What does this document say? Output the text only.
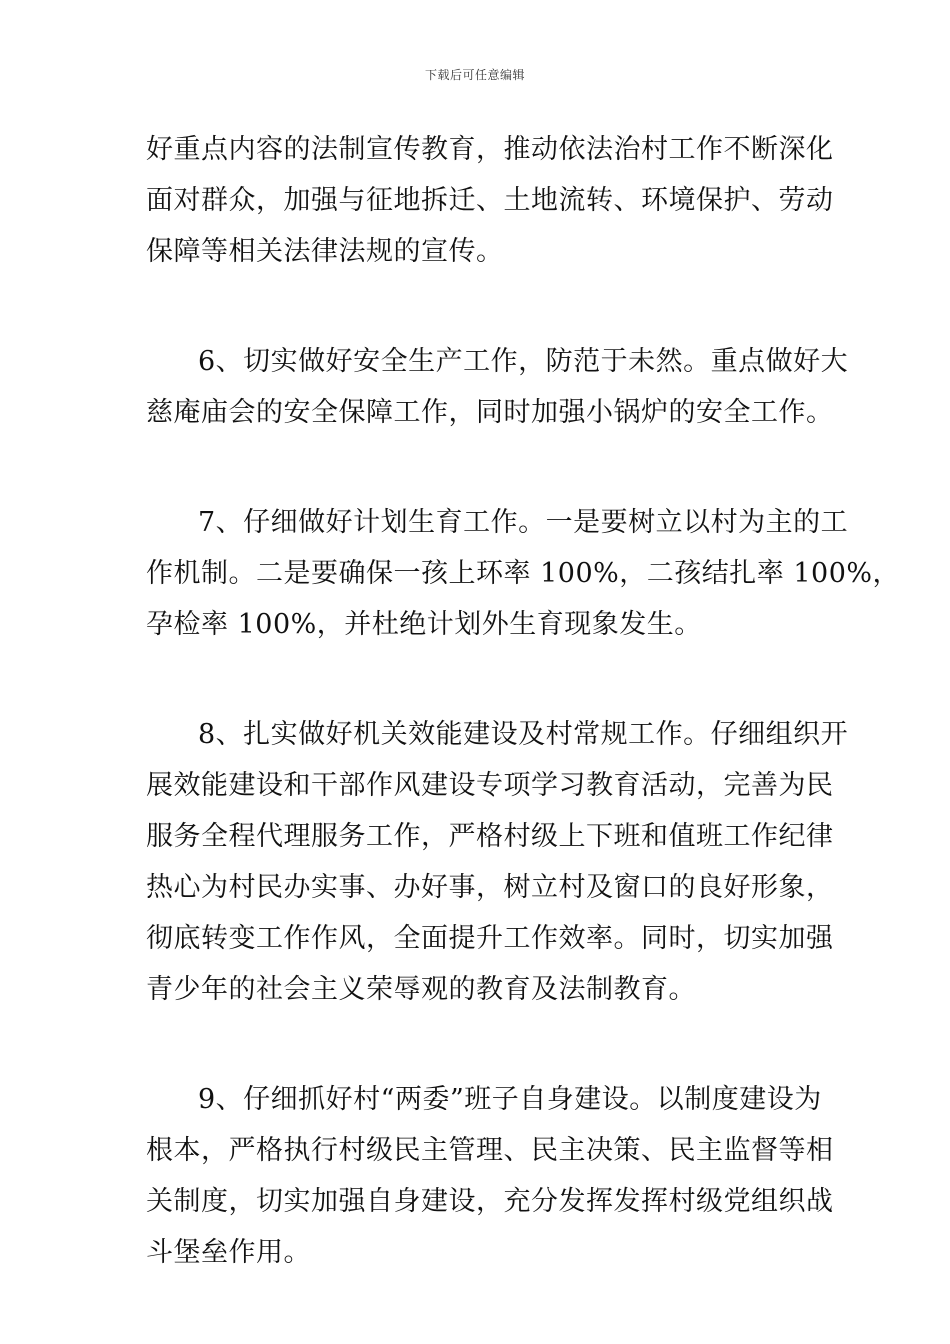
下载后可任意编辑

好重点内容的法制宣传教育，推动依法治村工作不断深化
面对群众，加强与征地拆迁、土地流转、环境保护、劳动
保障等相关法律法规的宣传。

6、切实做好安全生产工作，防范于未然。重点做好大
慈庵庙会的安全保障工作，同时加强小锅炉的安全工作。

7、仔细做好计划生育工作。一是要树立以村为主的工
作机制。二是要确保一孩上环率 100%，二孩结扎率 100%，
孕检率 100%，并杜绝计划外生育现象发生。

8、扎实做好机关效能建设及村常规工作。仔细组织开
展效能建设和干部作风建设专项学习教育活动，完善为民
服务全程代理服务工作，严格村级上下班和值班工作纪律
热心为村民办实事、办好事，树立村及窗口的良好形象，
彻底转变工作作风，全面提升工作效率。同时，切实加强
青少年的社会主义荣辱观的教育及法制教育。

9、仔细抓好村“两委”班子自身建设。以制度建设为
根本，严格执行村级民主管理、民主决策、民主监督等相
关制度，切实加强自身建设，充分发挥发挥村级党组织战
斗堡垒作用。
